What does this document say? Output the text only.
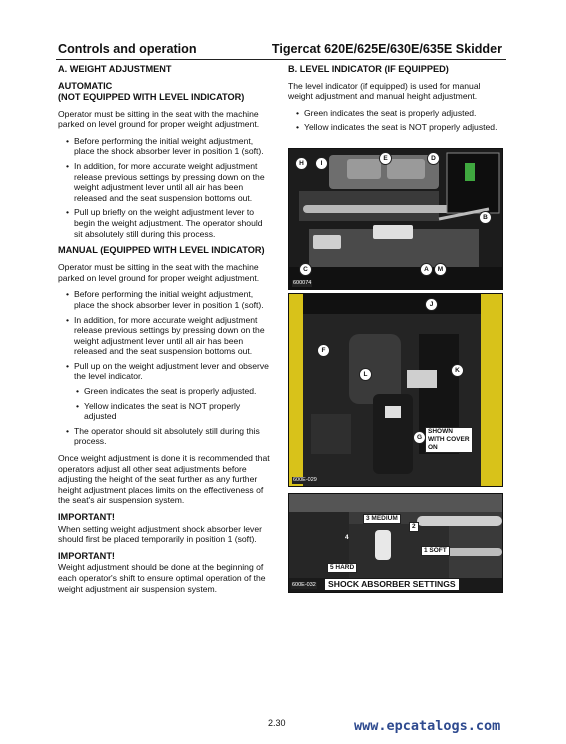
Controls and operation	Tigercat 620E/625E/630E/635E Skidder
A. WEIGHT ADJUSTMENT
AUTOMATIC
(NOT EQUIPPED WITH LEVEL INDICATOR)

Operator must be sitting in the seat with the machine parked on level ground for proper weight adjustment.

• Before performing the initial weight adjustment, place the shock absorber lever in position 1 (soft).
• In addition, for more accurate weight adjustment release previous settings by pressing down on the weight adjustment lever until all air has been released and the seat suspension bottoms out.
• Pull up briefly on the weight adjustment lever to begin the weight adjustment. The operator should sit absolutely still during this process.
MANUAL (EQUIPPED WITH LEVEL INDICATOR)

Operator must be sitting in the seat with the machine parked on level ground for proper weight adjustment.

• Before performing the initial weight adjustment, place the shock absorber lever in position 1 (soft).
• In addition, for more accurate weight adjustment release previous settings by pressing down on the weight adjustment lever until all air has been released and the seat suspension bottoms out.
• Pull up on the weight adjustment lever and observe the level indicator.
• Green indicates the seat is properly adjusted.
• Yellow indicates the seat is NOT properly adjusted
• The operator should sit absolutely still during this process.

Once weight adjustment is done it is recommended that operators adjust all other seat adjustments before adjusting the height of the seat further as any further height adjustment places limits on the effectiveness of the seat's air suspension system.

IMPORTANT!

When setting weight adjustment shock absorber lever should first be placed temporarily in position 1 (soft).

IMPORTANT!

Weight adjustment should be done at the beginning of each operator's shift to ensure optimal operation of the weight adjustment air suspension system.

B. LEVEL INDICATOR (IF EQUIPPED)

The level indicator (if equipped) is used for manual weight adjustment and manual height adjustment.

• Green indicates the seat is properly adjusted.
• Yellow indicates the seat is NOT properly adjusted.
H	I
E	D
B
C	A	M
600074
J
F
L
K
G
SHOWN WITH COVER ON
600E-029
3 MEDIUM
2
4
1 SOFT
5 HARD
600E-032	SHOCK ABSORBER SETTINGS
2.30	www.epcatalogs.com
